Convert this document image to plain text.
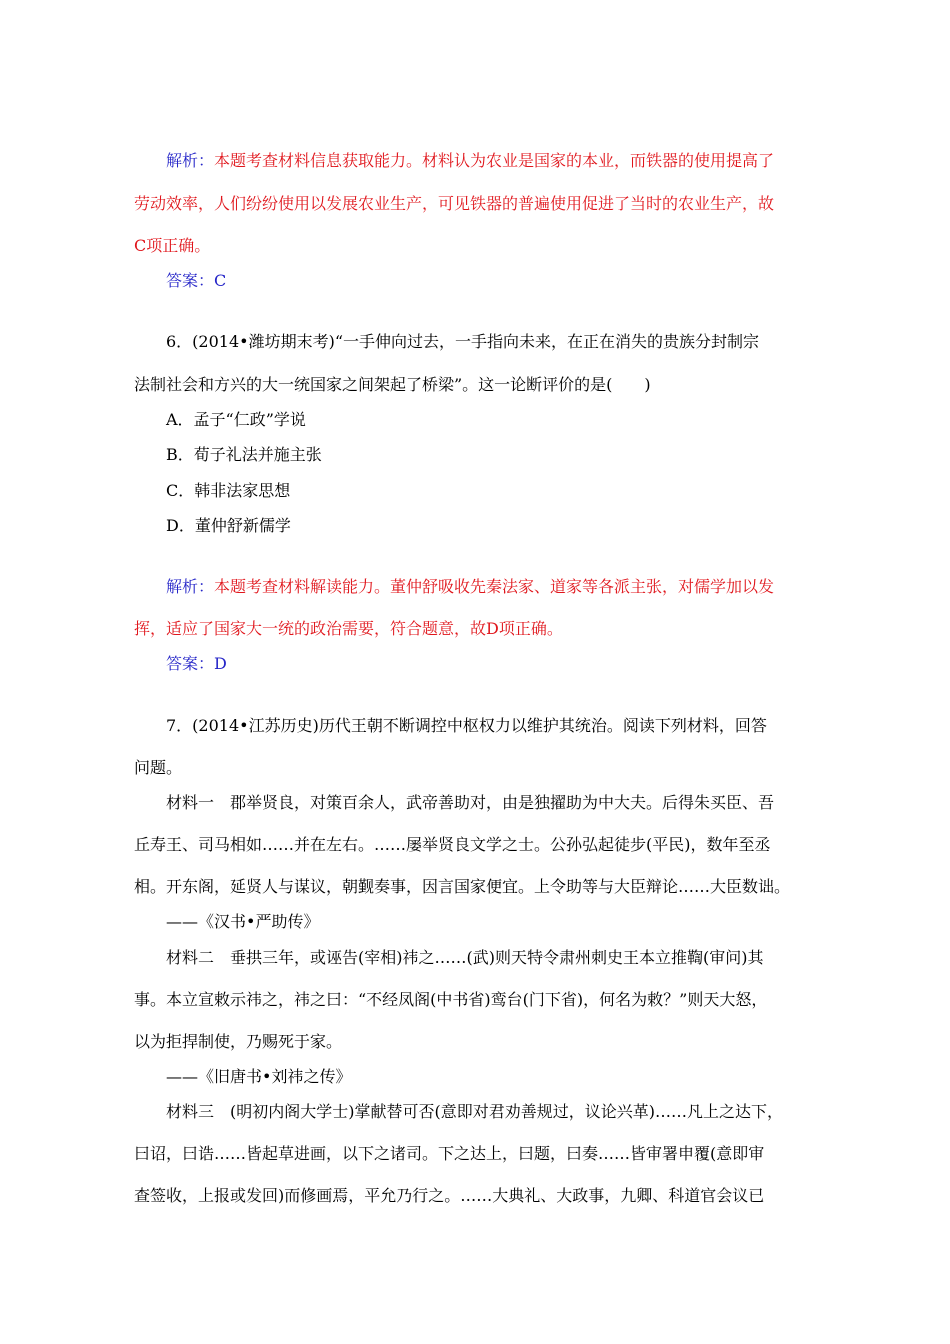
解析：本题考查材料信息获取能力。材料认为农业是国家的本业，而铁器的使用提高了
劳动效率，人们纷纷使用以发展农业生产，可见铁器的普遍使用促进了当时的农业生产，故
C项正确。
答案：C
6．(2014•潍坊期末考)“一手伸向过去，一手指向未来，在正在消失的贵族分封制宗
法制社会和方兴的大一统国家之间架起了桥梁”。这一论断评价的是(　　)
A．孟子“仁政”学说
B．荀子礼法并施主张
C．韩非法家思想
D．董仲舒新儒学
解析：本题考查材料解读能力。董仲舒吸收先秦法家、道家等各派主张，对儒学加以发
挥，适应了国家大一统的政治需要，符合题意，故D项正确。
答案：D
7．(2014•江苏历史)历代王朝不断调控中枢权力以维护其统治。阅读下列材料，回答
问题。
材料一　郡举贤良，对策百余人，武帝善助对，由是独擢助为中大夫。后得朱买臣、吾
丘寿王、司马相如……并在左右。……屡举贤良文学之士。公孙弘起徒步(平民)，数年至丞
相。开东阁，延贤人与谋议，朝觐奏事，因言国家便宜。上令助等与大臣辩论……大臣数诎。
——《汉书•严助传》
材料二　垂拱三年，或诬告(宰相)祎之……(武)则天特令肃州刺史王本立推鞫(审问)其
事。本立宣敕示祎之，祎之曰：“不经凤阁(中书省)鸾台(门下省)，何名为敕？”则天大怒，
以为拒捍制使，乃赐死于家。
——《旧唐书•刘祎之传》
材料三　(明初内阁大学士)掌献替可否(意即对君劝善规过，议论兴革)……凡上之达下，
曰诏，曰诰……皆起草进画，以下之诸司。下之达上，曰题，曰奏……皆审署申覆(意即审
查签收，上报或发回)而修画焉，平允乃行之。……大典礼、大政事，九卿、科道官会议已
